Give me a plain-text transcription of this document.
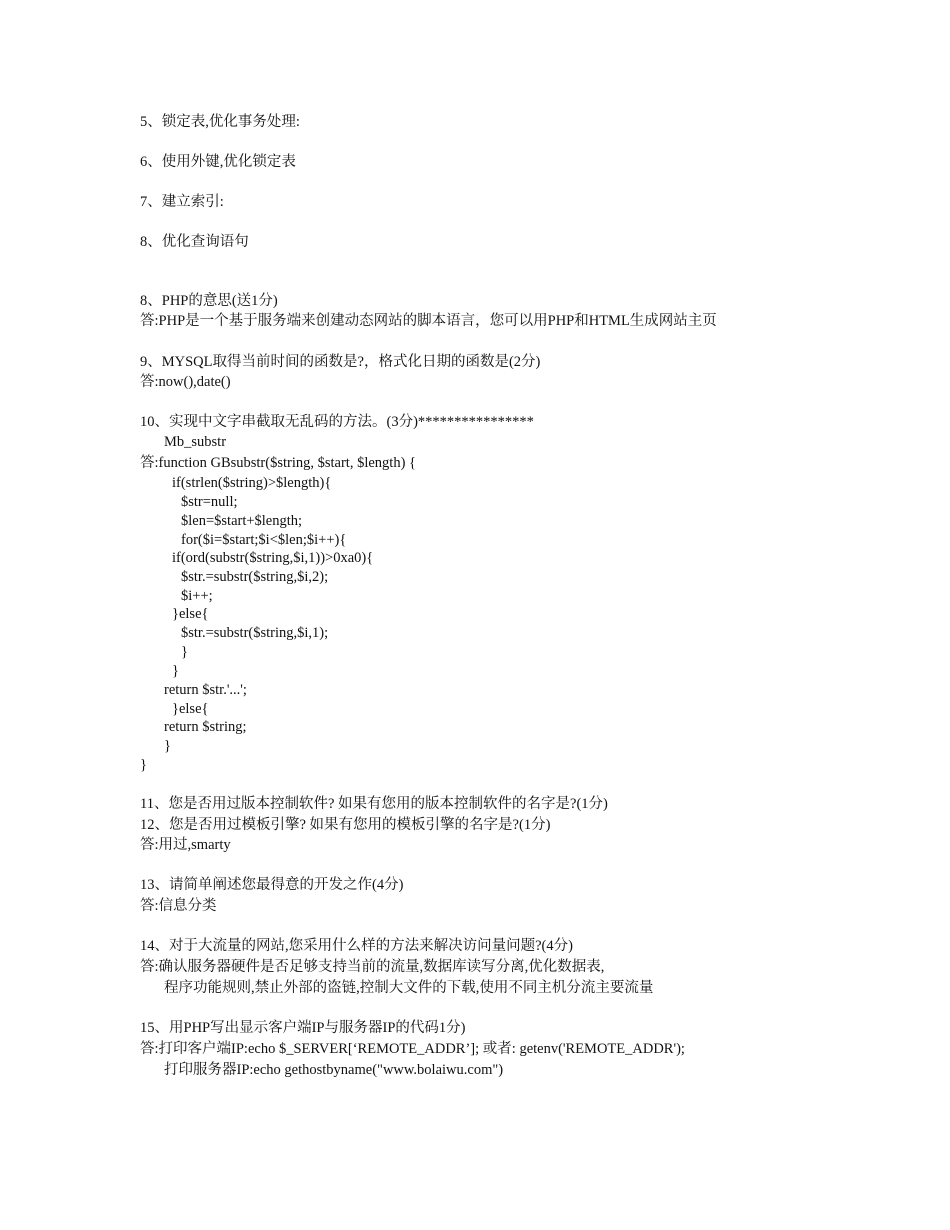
5、锁定表,优化事务处理:
6、使用外键,优化锁定表
7、建立索引:
8、优化查询语句
8、PHP的意思(送1分)
答:PHP是一个基于服务端来创建动态网站的脚本语言，您可以用PHP和HTML生成网站主页
9、MYSQL取得当前时间的函数是?，格式化日期的函数是(2分)
答:now(),date()
10、实现中文字串截取无乱码的方法。(3分)****************
Mb_substr
答:function GBsubstr($string, $start, $length) {
if(strlen($string)>$length){
$str=null;
$len=$start+$length;
for($i=$start;$i<$len;$i++){
if(ord(substr($string,$i,1))>0xa0){
$str.=substr($string,$i,2);
$i++;
}else{
$str.=substr($string,$i,1);
}
}
return $str.'...';
}else{
return $string;
}
}
11、您是否用过版本控制软件? 如果有您用的版本控制软件的名字是?(1分)
12、您是否用过模板引擎? 如果有您用的模板引擎的名字是?(1分)
答:用过,smarty
13、请简单阐述您最得意的开发之作(4分)
答:信息分类
14、对于大流量的网站,您采用什么样的方法来解决访问量问题?(4分)
答:确认服务器硬件是否足够支持当前的流量,数据库读写分离,优化数据表,
程序功能规则,禁止外部的盗链,控制大文件的下载,使用不同主机分流主要流量
15、用PHP写出显示客户端IP与服务器IP的代码1分)
答:打印客户端IP:echo $_SERVER[‘REMOTE_ADDR’]; 或者: getenv('REMOTE_ADDR');
打印服务器IP:echo gethostbyname("www.bolaiwu.com")
